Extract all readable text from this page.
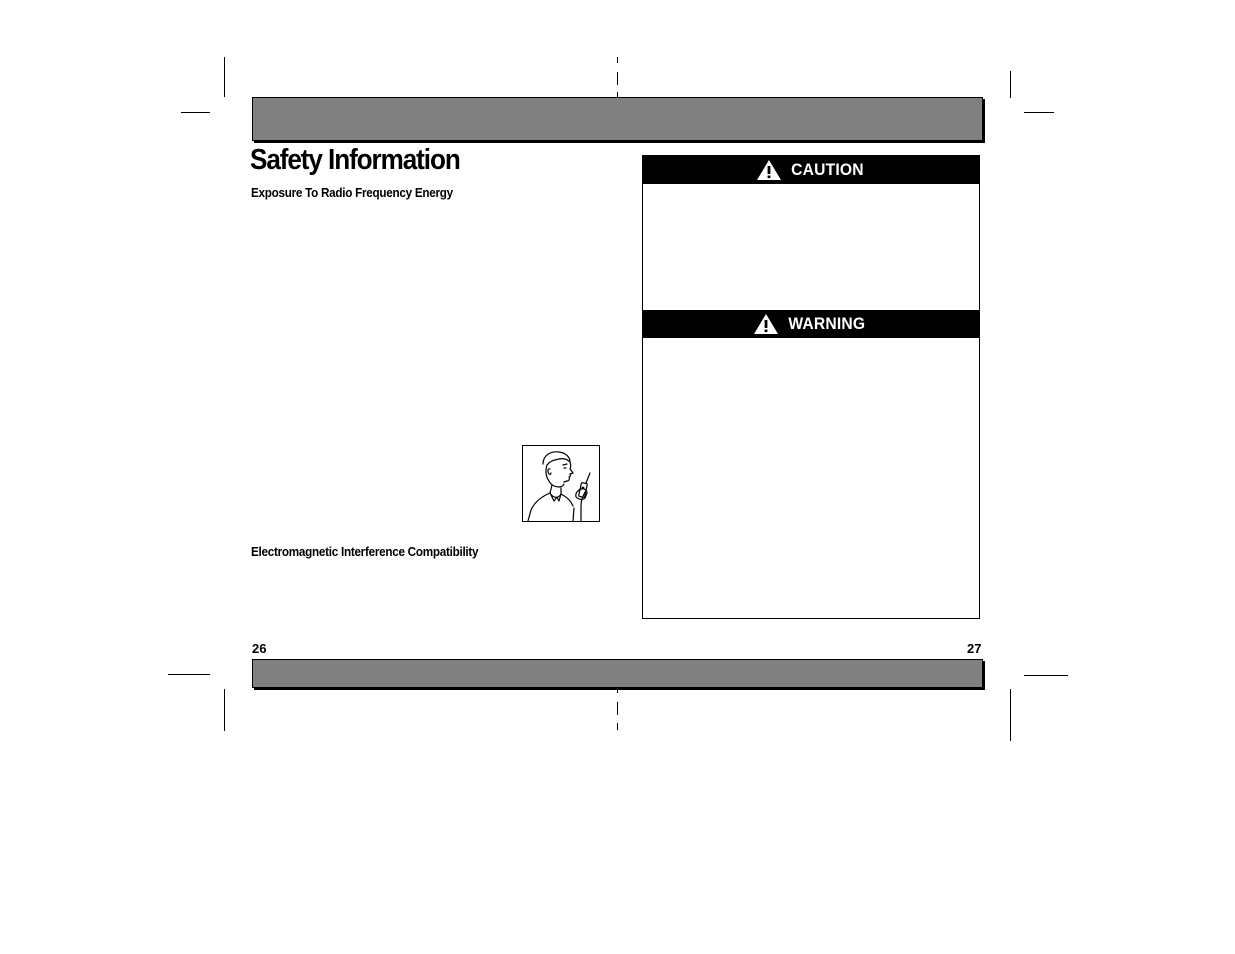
Safety Information
Exposure To Radio Frequency Energy
Electromagnetic Interference Compatibility
CAUTION
WARNING
26	27
